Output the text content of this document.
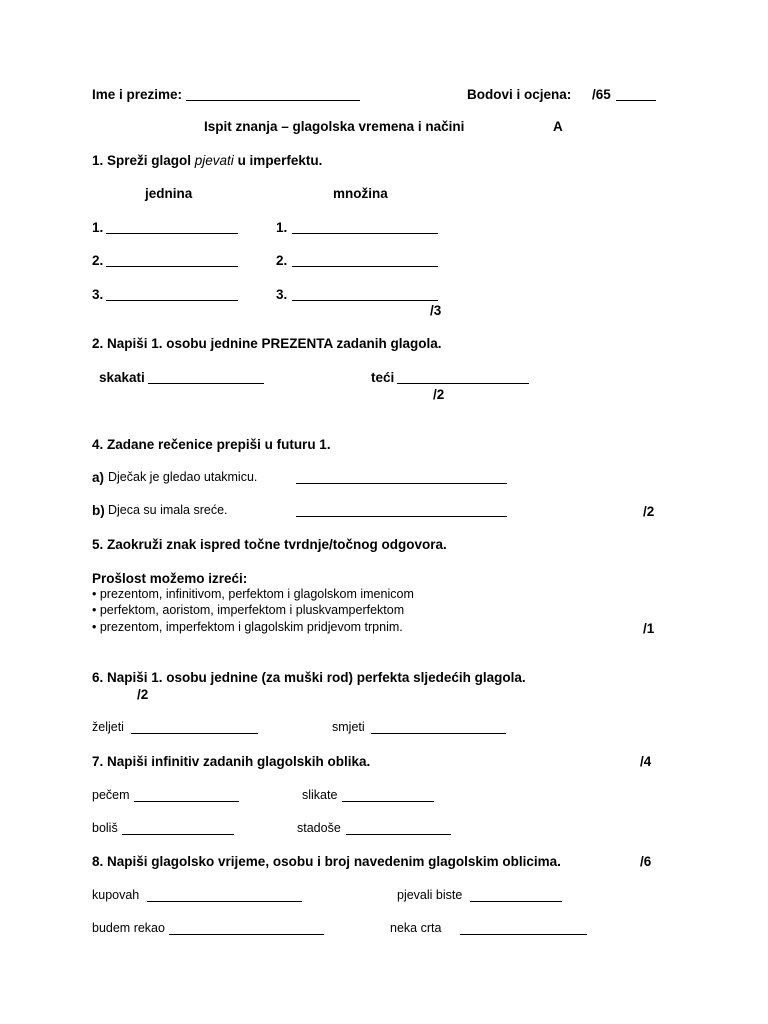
Ime i prezime:	Bodovi i ocjena: /65
Ispit znanja – glagolska vremena i načini	A
1. Spreži glagol pjevati u imperfektu.
jednina	množina
1.	1.
2.	2.
3.	3.
/3
2. Napiši 1. osobu jednine PREZENTA zadanih glagola.
skakati	teći
/2
4. Zadane rečenice prepiši u futuru 1.
a) Dječak je gledao utakmicu.
b) Djeca su imala sreće.	/2
5. Zaokruži znak ispred točne tvrdnje/točnog odgovora.
Prošlost možemo izreći:
• prezentom, infinitivom, perfektom i glagolskom imenicom
• perfektom, aoristom, imperfektom i pluskvamperfektom
• prezentom, imperfektom i glagolskim pridjevom trpnim.	/1
6. Napiši 1. osobu jednine (za muški rod) perfekta sljedećih glagola.
/2
željeti	smjeti
7. Napiši infinitiv zadanih glagolskih oblika.	/4
pečem	slikate
boliš	stadoše
8. Napiši glagolsko vrijeme, osobu i broj navedenim glagolskim oblicima.	/6
kupovah	pjevali biste
budem rekao	neka crta
